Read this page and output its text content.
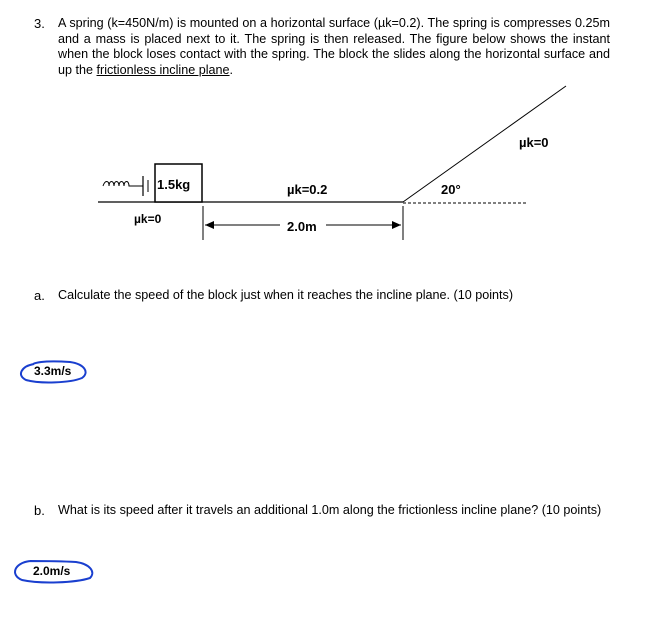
3. A spring (k=450N/m) is mounted on a horizontal surface (µk=0.2). The spring is compresses 0.25m and a mass is placed next to it. The spring is then released. The figure below shows the instant when the block loses contact with the spring. The block the slides along the horizontal surface and up the frictionless incline plane.
1.5kg
µk=0
µk=0.2
µk=0
20°
2.0m
a. Calculate the speed of the block just when it reaches the incline plane. (10 points)
3.3m/s
b. What is its speed after it travels an additional 1.0m along the frictionless incline plane? (10 points)
2.0m/s
